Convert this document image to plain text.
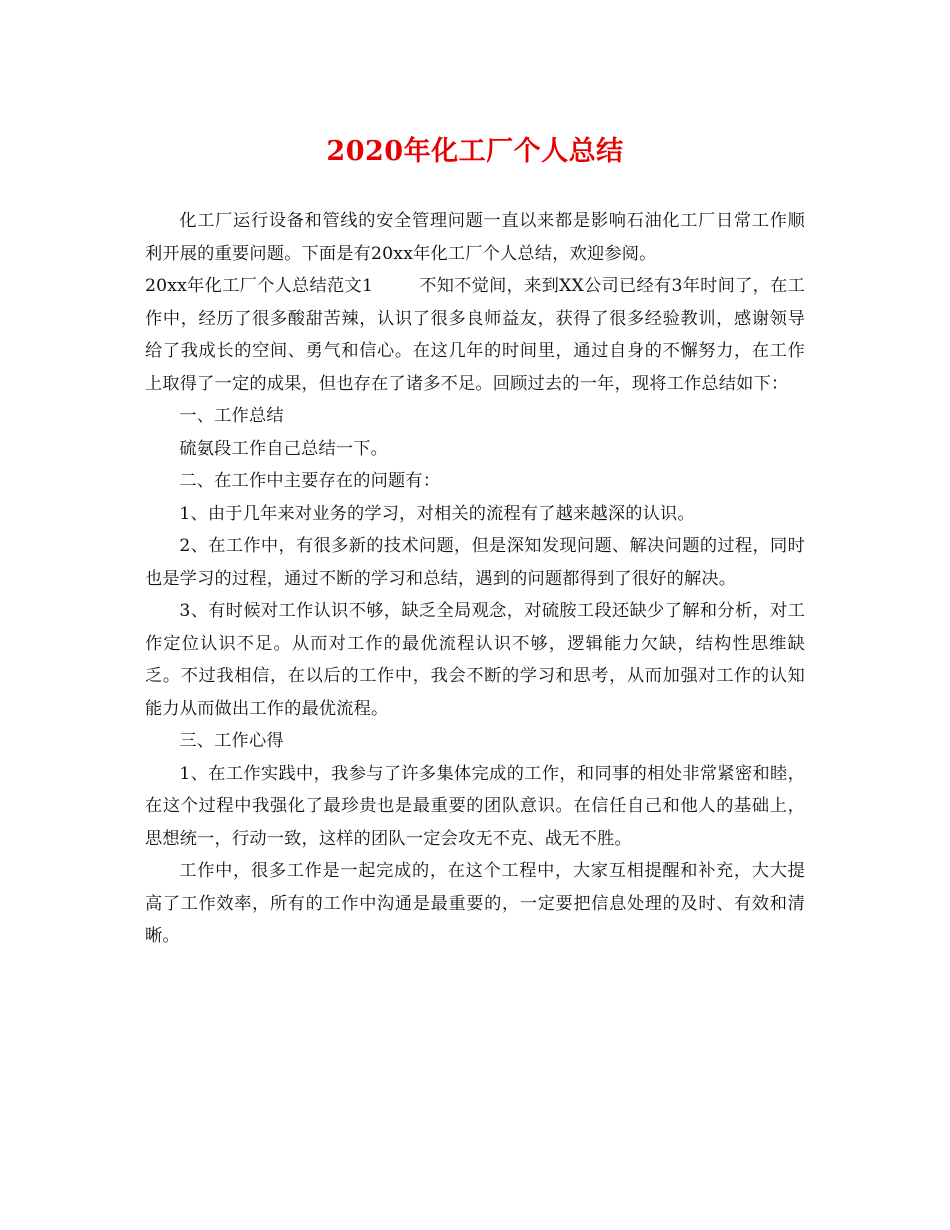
2020年化工厂个人总结

化工厂运行设备和管线的安全管理问题一直以来都是影响石油化工厂日常工作顺利开展的重要问题。下面是有20xx年化工厂个人总结，欢迎参阅。

20xx年化工厂个人总结范文1	不知不觉间，来到XX公司已经有3年时间了，在工作中，经历了很多酸甜苦辣，认识了很多良师益友，获得了很多经验教训，感谢领导给了我成长的空间、勇气和信心。在这几年的时间里，通过自身的不懈努力，在工作上取得了一定的成果，但也存在了诸多不足。回顾过去的一年，现将工作总结如下：

一、工作总结

硫氨段工作自己总结一下。

二、在工作中主要存在的问题有：

1、由于几年来对业务的学习，对相关的流程有了越来越深的认识。

2、在工作中，有很多新的技术问题，但是深知发现问题、解决问题的过程，同时也是学习的过程，通过不断的学习和总结，遇到的问题都得到了很好的解决。

3、有时候对工作认识不够，缺乏全局观念，对硫胺工段还缺少了解和分析，对工作定位认识不足。从而对工作的最优流程认识不够，逻辑能力欠缺，结构性思维缺乏。不过我相信，在以后的工作中，我会不断的学习和思考，从而加强对工作的认知能力从而做出工作的最优流程。

三、工作心得

1、在工作实践中，我参与了许多集体完成的工作，和同事的相处非常紧密和睦，在这个过程中我强化了最珍贵也是最重要的团队意识。在信任自己和他人的基础上，思想统一，行动一致，这样的团队一定会攻无不克、战无不胜。

工作中，很多工作是一起完成的，在这个工程中，大家互相提醒和补充，大大提高了工作效率，所有的工作中沟通是最重要的，一定要把信息处理的及时、有效和清晰。
